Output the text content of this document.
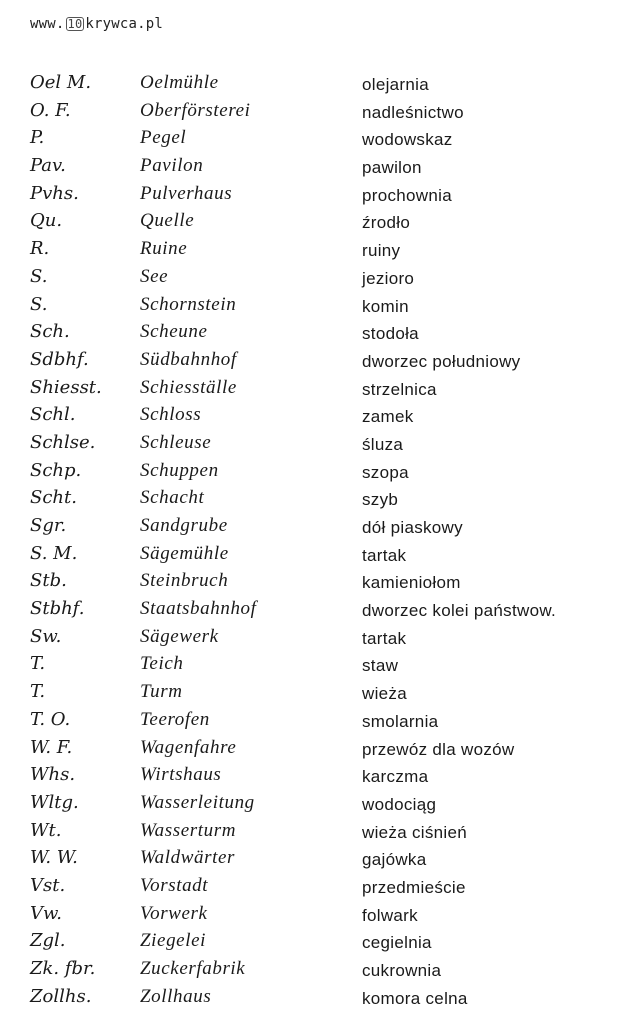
www. 10 krywca.pl
Oel M.	Oelmühle	olejarnia
O. F.	Oberförsterei	nadleśnictwo
P.	Pegel	wodowskaz
Pav.	Pavilon	pawilon
Pvhs.	Pulverhaus	prochownia
Qu.	Quelle	źrodło
R.	Ruine	ruiny
S.	See	jezioro
S.	Schornstein	komin
Sch.	Scheune	stodoła
Sdbhf.	Südbahnhof	dworzec południowy
Shiesst. Schiesställe	strzelnica
Schl.	Schloss	zamek
Schlse. Schleuse	śluza
Schp.	Schuppen	szopa
Scht.	Schacht	szyb
Sgr.	Sandgrube	dół piaskowy
S. M.	Sägemühle	tartak
Stb.	Steinbruch	kamieniołom
Stbhf.	Staatsbahnhof	dworzec kolei państwow.
Sw.	Sägewerk	tartak
T.	Teich	staw
T.	Turm	wieża
T. O.	Teerofen	smolarnia
W. F.	Wagenfahre	przewóz dla wozów
Whs.	Wirtshaus	karczma
Wltg.	Wasserleitung	wodociąg
Wt.	Wasserturm	wieża ciśnień
W. W.	Waldwärter	gajówka
Vst.	Vorstadt	przedmieście
Vw.	Vorwerk	folwark
Zgl.	Ziegelei	cegielnia
Zk. fbr. Zuckerfabrik	cukrownia
Zollhs.	Zollhaus	komora celna
